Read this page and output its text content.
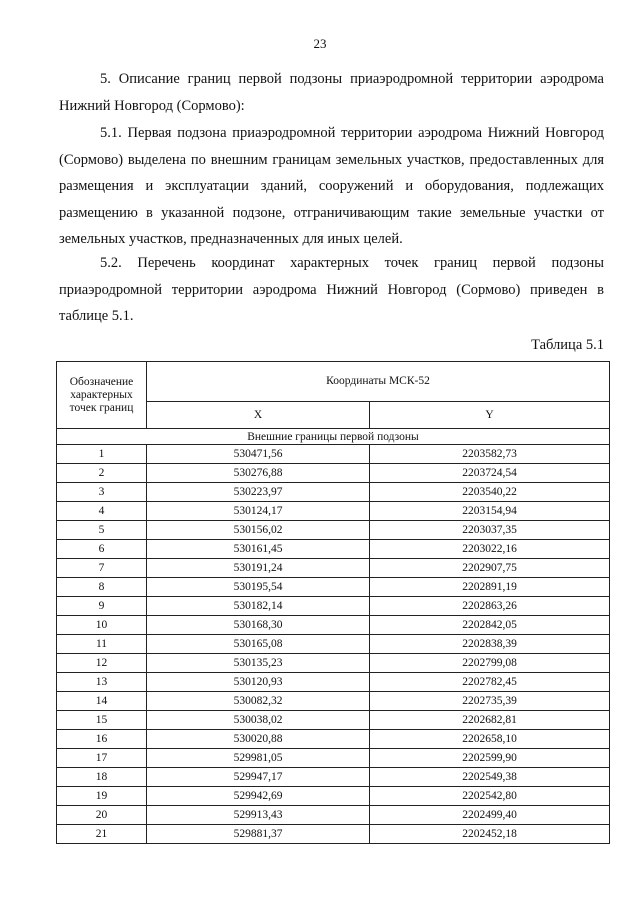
23

5. Описание границ первой подзоны приаэродромной территории аэродрома Нижний Новгород (Сормово):

5.1. Первая подзона приаэродромной территории аэродрома Нижний Новгород (Сормово) выделена по внешним границам земельных участков, предоставленных для размещения и эксплуатации зданий, сооружений и оборудования, подлежащих размещению в указанной подзоне, отграничивающим такие земельные участки от земельных участков, предназначенных для иных целей.

5.2. Перечень координат характерных точек границ первой подзоны приаэродромной территории аэродрома Нижний Новгород (Сормово) приведен в таблице 5.1.

Таблица 5.1
Обозначение характерных точек границ	Координаты МСК-52	
	X	Y
Внешние границы первой подзоны		
1	530471,56	2203582,73
2	530276,88	2203724,54
3	530223,97	2203540,22
4	530124,17	2203154,94
5	530156,02	2203037,35
6	530161,45	2203022,16
7	530191,24	2202907,75
8	530195,54	2202891,19
9	530182,14	2202863,26
10	530168,30	2202842,05
11	530165,08	2202838,39
12	530135,23	2202799,08
13	530120,93	2202782,45
14	530082,32	2202735,39
15	530038,02	2202682,81
16	530020,88	2202658,10
17	529981,05	2202599,90
18	529947,17	2202549,38
19	529942,69	2202542,80
20	529913,43	2202499,40
21	529881,37	2202452,18
